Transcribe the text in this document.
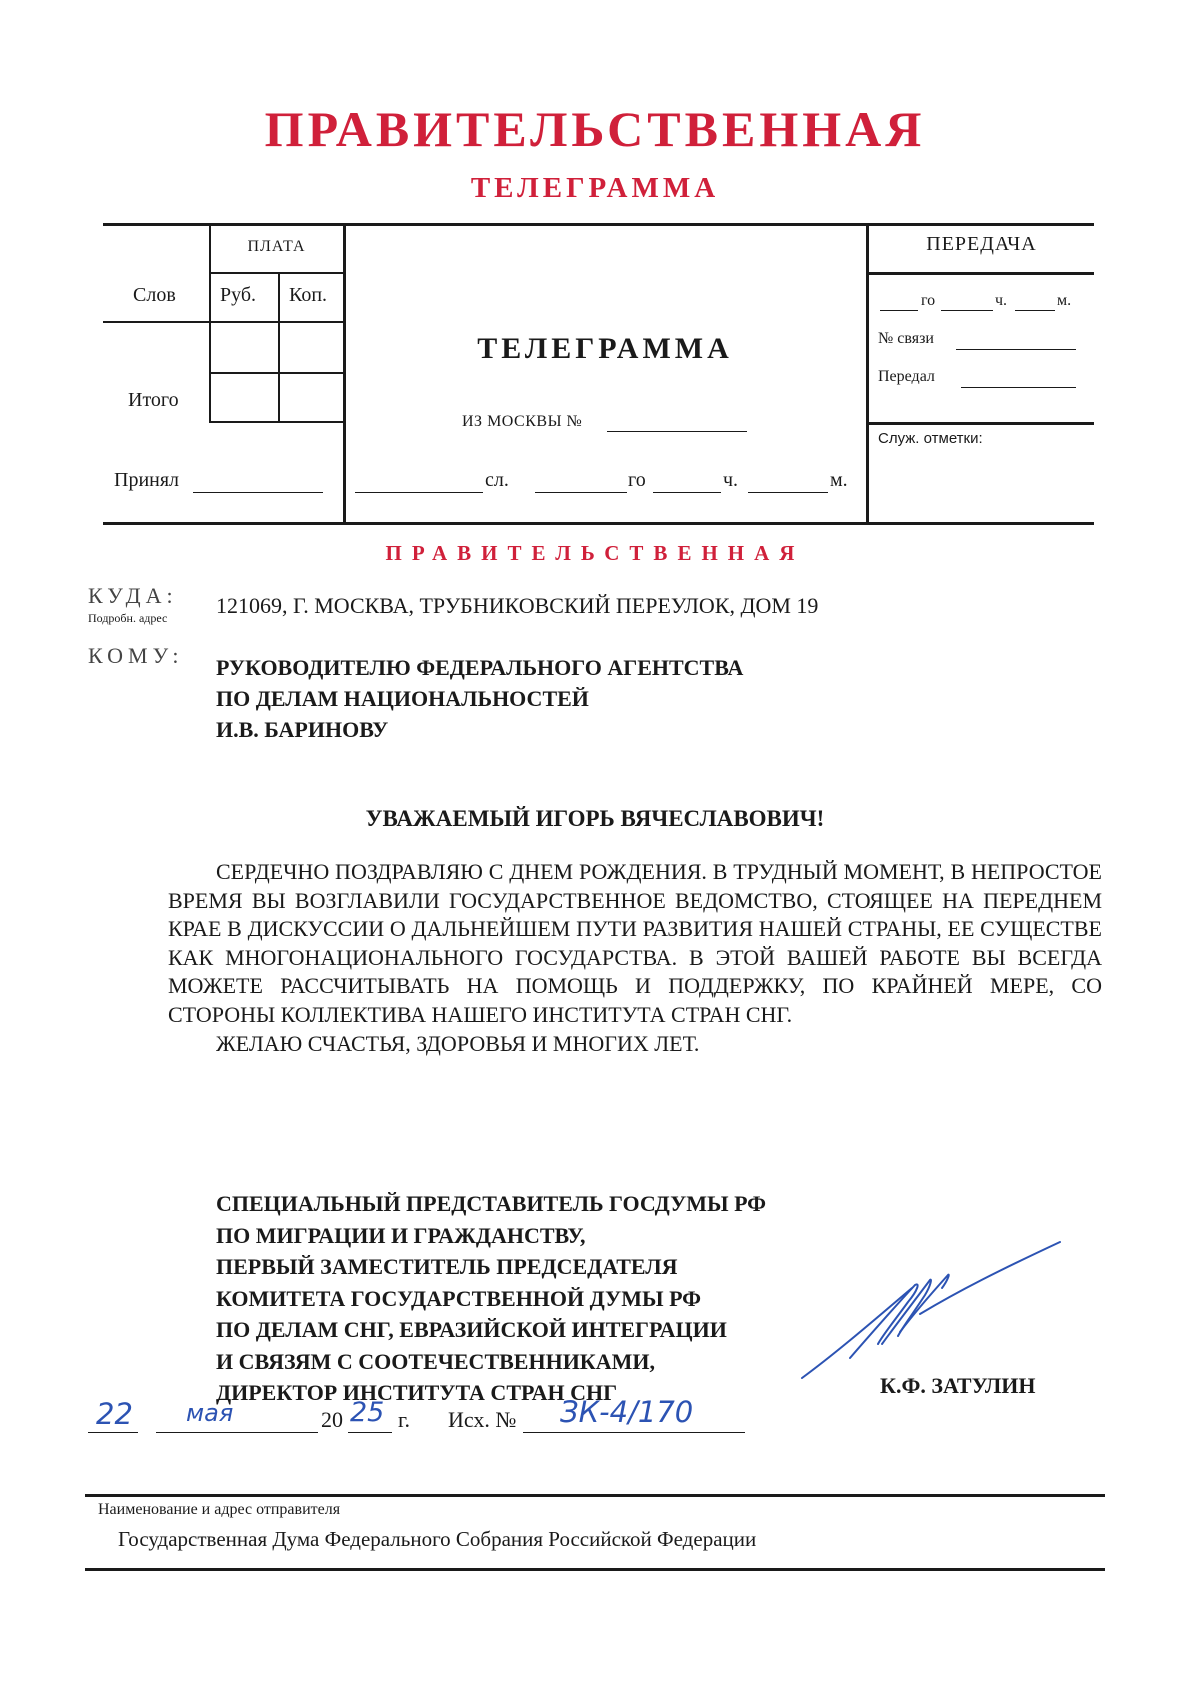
ПРАВИТЕЛЬСТВЕННАЯ
ТЕЛЕГРАММА
ПЛАТА
Слов Руб. Коп.
Итого
Принял
ТЕЛЕГРАММА
ИЗ МОСКВЫ №
сл.	го	ч.	м.
ПЕРЕДАЧА
го	ч.	м.
№ связи
Передал
Служ. отметки:
ПРАВИТЕЛЬСТВЕННАЯ
КУДА:
Подробн. адрес 121069, Г. МОСКВА, ТРУБНИКОВСКИЙ ПЕРЕУЛОК, ДОМ 19
КОМУ: РУКОВОДИТЕЛЮ ФЕДЕРАЛЬНОГО АГЕНТСТВА
ПО ДЕЛАМ НАЦИОНАЛЬНОСТЕЙ
И.В. БАРИНОВУ
УВАЖАЕМЫЙ ИГОРЬ ВЯЧЕСЛАВОВИЧ!

СЕРДЕЧНО ПОЗДРАВЛЯЮ С ДНЕМ РОЖДЕНИЯ. В ТРУДНЫЙ МОМЕНТ, В НЕПРОСТОЕ ВРЕМЯ ВЫ ВОЗГЛАВИЛИ ГОСУДАРСТВЕННОЕ ВЕДОМСТВО, СТОЯЩЕЕ НА ПЕРЕДНЕМ КРАЕ В ДИСКУССИИ О ДАЛЬНЕЙШЕМ ПУТИ РАЗВИТИЯ НАШЕЙ СТРАНЫ, ЕЕ СУЩЕСТВЕ КАК МНОГОНАЦИОНАЛЬНОГО ГОСУДАРСТВА. В ЭТОЙ ВАШЕЙ РАБОТЕ ВЫ ВСЕГДА МОЖЕТЕ РАССЧИТЫВАТЬ НА ПОМОЩЬ И ПОДДЕРЖКУ, ПО КРАЙНЕЙ МЕРЕ, СО СТОРОНЫ КОЛЛЕКТИВА НАШЕГО ИНСТИТУТА СТРАН СНГ.

ЖЕЛАЮ СЧАСТЬЯ, ЗДОРОВЬЯ И МНОГИХ ЛЕТ.

СПЕЦИАЛЬНЫЙ ПРЕДСТАВИТЕЛЬ ГОСДУМЫ РФ
ПО МИГРАЦИИ И ГРАЖДАНСТВУ,
ПЕРВЫЙ ЗАМЕСТИТЕЛЬ ПРЕДСЕДАТЕЛЯ
КОМИТЕТА ГОСУДАРСТВЕННОЙ ДУМЫ РФ
ПО ДЕЛАМ СНГ, ЕВРАЗИЙСКОЙ ИНТЕГРАЦИИ
И СВЯЗЯМ С СООТЕЧЕСТВЕННИКАМИ,
ДИРЕКТОР ИНСТИТУТА СТРАН СНГ	К.Ф. ЗАТУЛИН
22 мая	20 25 г. Исх. № ЗК-4/170
Наименование и адрес отправителя
Государственная Дума Федерального Собрания Российской Федерации
